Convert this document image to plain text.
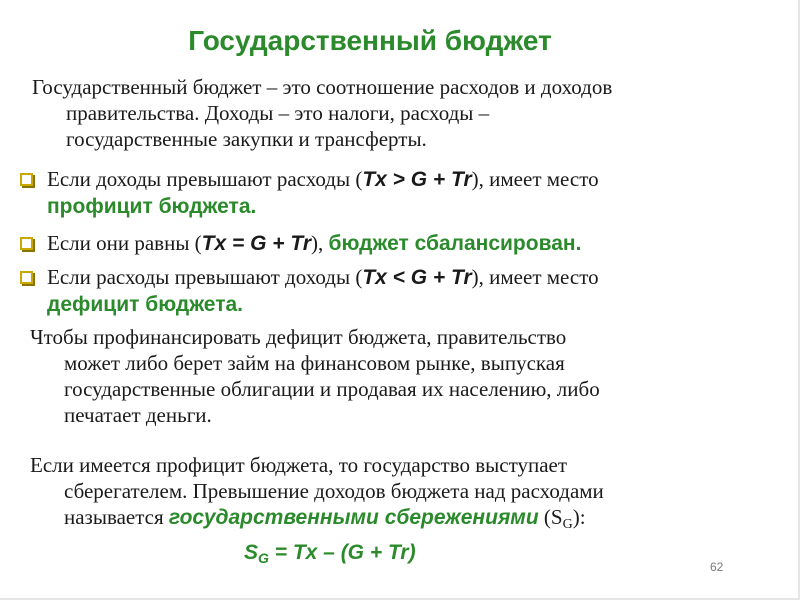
Государственный бюджет

Государственный бюджет – это соотношение расходов и доходов
правительства. Доходы – это налоги, расходы –
государственные закупки и трансферты.

Если доходы превышают расходы (Tx > G + Tr), имеет место
профицит бюджета.

Если они равны (Tx = G + Tr), бюджет сбалансирован.

Если расходы превышают доходы (Tx < G + Tr), имеет место
дефицит бюджета.

Чтобы профинансировать дефицит бюджета, правительство
может либо берет займ на финансовом рынке, выпуская
государственные облигации и продавая их населению, либо
печатает деньги.

Если имеется профицит бюджета, то государство выступает
сберегателем. Превышение доходов бюджета над расходами
называется государственными сбережениями $(S_G)$:

$S_G = Tx - (G + Tr)$

62
